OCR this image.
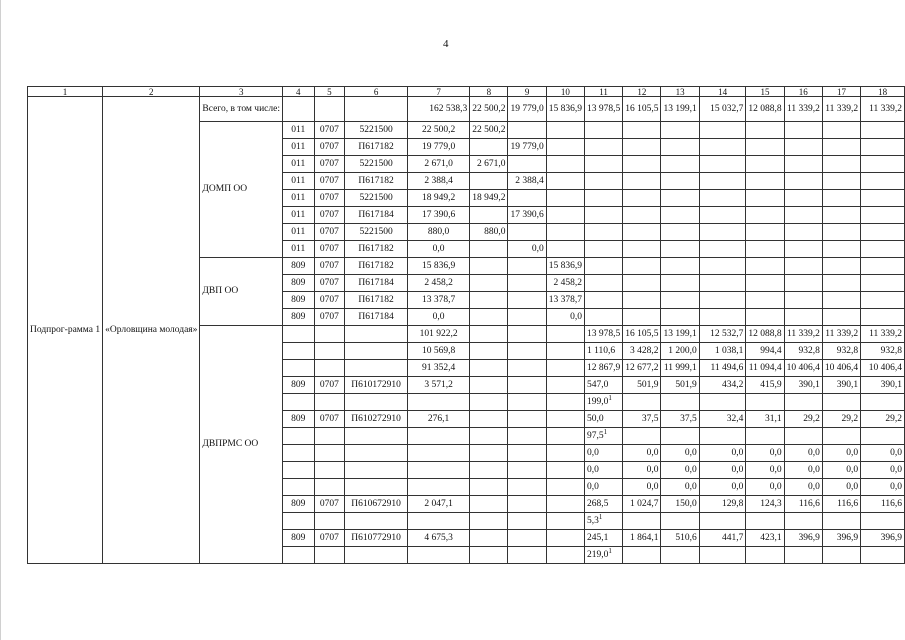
4
1	2	3	4	5	6	7	8	9	10	11	12	13	14	15	16	17	18
Подпрог-рамма 1	«Орловщина молодая»	Всего, в том числе:				162 538,3	22 500,2	19 779,0	15 836,9	13 978,5	16 105,5	13 199,1	15 032,7	12 088,8	11 339,2	11 339,2	11 339,2
		ДОМП ОО	011	0707	5221500	22 500,2	22 500,2										
			011	0707	П617182	19 779,0		19 779,0									
			011	0707	5221500	2 671,0	2 671,0										
			011	0707	П617182	2 388,4		2 388,4									
			011	0707	5221500	18 949,2	18 949,2										
			011	0707	П617184	17 390,6		17 390,6									
			011	0707	5221500	880,0	880,0										
			011	0707	П617182	0,0		0,0									
		ДВП ОО	809	0707	П617182	15 836,9			15 836,9								
			809	0707	П617184	2 458,2			2 458,2								
			809	0707	П617182	13 378,7			13 378,7								
			809	0707	П617184	0,0			0,0								
		ДВПРМС ОО				101 922,2				13 978,5	16 105,5	13 199,1	12 532,7	12 088,8	11 339,2	11 339,2	11 339,2
						10 569,8				1 110,6	3 428,2	1 200,0	1 038,1	994,4	932,8	932,8	932,8
						91 352,4				12 867,9	12 677,2	11 999,1	11 494,6	11 094,4	10 406,4	10 406,4	10 406,4
			809	0707	П610172910	3 571,2				547,0	501,9	501,9	434,2	415,9	390,1	390,1	390,1
										199,0$^1$							
			809	0707	П610272910	276,1				50,0	37,5	37,5	32,4	31,1	29,2	29,2	29,2
										97,5$^1$							
										0,0	0,0	0,0	0,0	0,0	0,0	0,0	0,0
										0,0	0,0	0,0	0,0	0,0	0,0	0,0	0,0
										0,0	0,0	0,0	0,0	0,0	0,0	0,0	0,0
			809	0707	П610672910	2 047,1				268,5	1 024,7	150,0	129,8	124,3	116,6	116,6	116,6
										5,3$^1$							
			809	0707	П610772910	4 675,3				245,1	1 864,1	510,6	441,7	423,1	396,9	396,9	396,9
										219,0$^1$							
